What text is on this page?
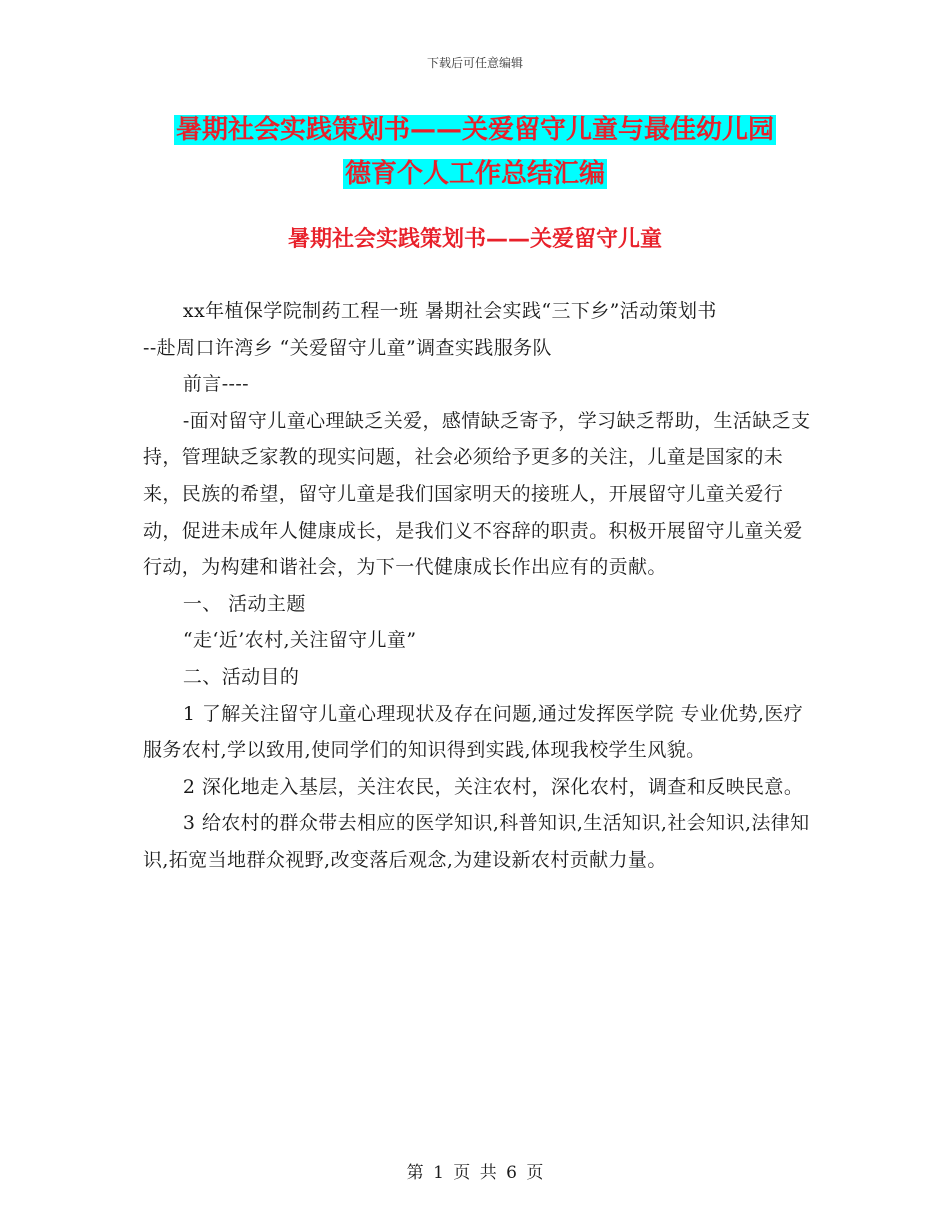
下载后可任意编辑
暑期社会实践策划书——关爱留守儿童与最佳幼儿园
德育个人工作总结汇编
暑期社会实践策划书——关爱留守儿童

xx年植保学院制药工程一班 暑期社会实践“三下乡”活动策划书

--赴周口许湾乡 “关爱留守儿童”调查实践服务队

前言----

-面对留守儿童心理缺乏关爱，感情缺乏寄予，学习缺乏帮助，生活缺乏支持，管理缺乏家教的现实问题，社会必须给予更多的关注，儿童是国家的未来，民族的希望，留守儿童是我们国家明天的接班人，开展留守儿童关爱行动，促进未成年人健康成长，是我们义不容辞的职责。积极开展留守儿童关爱行动，为构建和谐社会，为下一代健康成长作出应有的贡献。

一、 活动主题

“走‘近’农村,关注留守儿童”

二、活动目的

1 了解关注留守儿童心理现状及存在问题,通过发挥医学院 专业优势,医疗服务农村,学以致用,使同学们的知识得到实践,体现我校学生风貌。

2 深化地走入基层，关注农民，关注农村，深化农村，调查和反映民意。

3 给农村的群众带去相应的医学知识,科普知识,生活知识,社会知识,法律知识,拓宽当地群众视野,改变落后观念,为建设新农村贡献力量。

第 1 页 共 6 页
